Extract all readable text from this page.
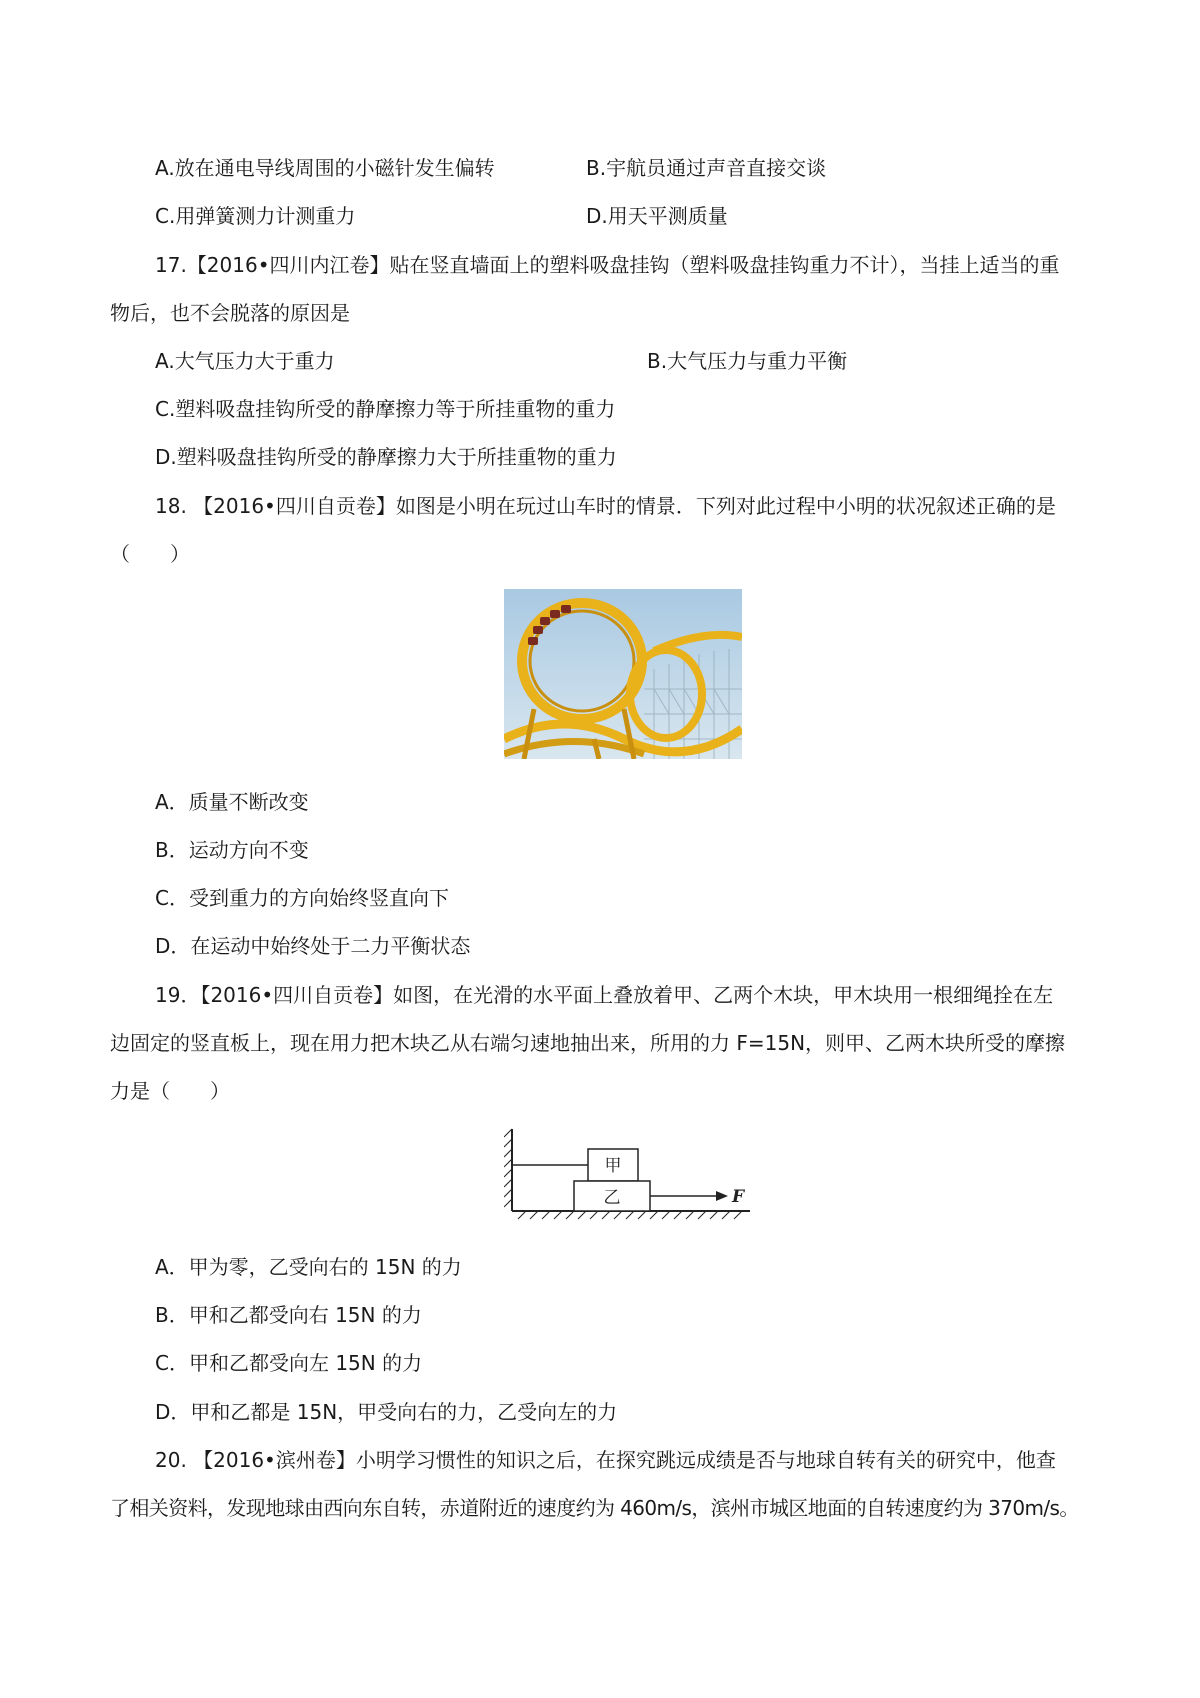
A.放在通电导线周围的小磁针发生偏转	B.宇航员通过声音直接交谈
C.用弹簧测力计测重力	D.用天平测质量
17.【2016•四川内江卷】贴在竖直墙面上的塑料吸盘挂钩（塑料吸盘挂钩重力不计），当挂上适当的重
物后，也不会脱落的原因是
A.大气压力大于重力	B.大气压力与重力平衡
C.塑料吸盘挂钩所受的静摩擦力等于所挂重物的重力
D.塑料吸盘挂钩所受的静摩擦力大于所挂重物的重力
18. 【2016•四川自贡卷】如图是小明在玩过山车时的情景．下列对此过程中小明的状况叙述正确的是
（　　）
A．质量不断改变
B．运动方向不变
C．受到重力的方向始终竖直向下
D．在运动中始终处于二力平衡状态
19．【2016•四川自贡卷】如图，在光滑的水平面上叠放着甲、乙两个木块，甲木块用一根细绳拴在左
边固定的竖直板上，现在用力把木块乙从右端匀速地抽出来，所用的力 F=15N，则甲、乙两木块所受的摩擦
力是（　　）
甲
乙	F
A．甲为零，乙受向右的 15N 的力
B．甲和乙都受向右 15N 的力
C．甲和乙都受向左 15N 的力
D．甲和乙都是 15N，甲受向右的力，乙受向左的力
20. 【2016•滨州卷】小明学习惯性的知识之后，在探究跳远成绩是否与地球自转有关的研究中，他查
了相关资料，发现地球由西向东自转，赤道附近的速度约为 460m/s，滨州市城区地面的自转速度约为 370m/s。
